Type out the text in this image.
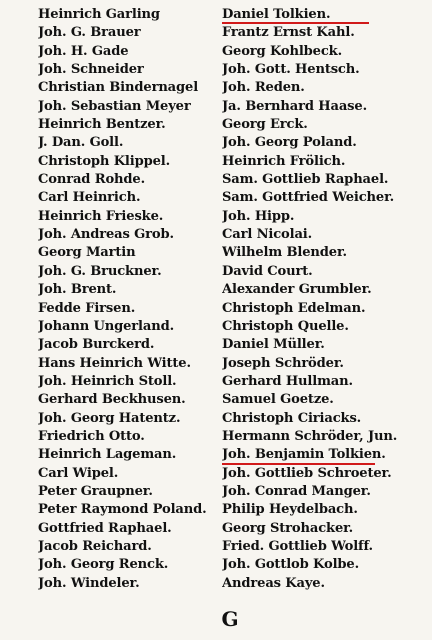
Heinrich Garling
Joh. G. Brauer
Joh. H. Gade
Joh. Schneider
Christian Bindernagel
Joh. Sebastian Meyer
Heinrich Bentzer.
J. Dan. Goll.
Christoph Klippel.
Conrad Rohde.
Carl Heinrich.
Heinrich Frieske.
Joh. Andreas Grob.
Georg Martin
Joh. G. Bruckner.
Joh. Brent.
Fedde Firsen.
Johann Ungerland.
Jacob Burckerd.
Hans Heinrich Witte.
Joh. Heinrich Stoll.
Gerhard Beckhusen.
Joh. Georg Hatentz.
Friedrich Otto.
Heinrich Lageman.
Carl Wipel.
Peter Graupner.
Peter Raymond Poland.
Gottfried Raphael.
Jacob Reichard.
Joh. Georg Renck.
Joh. Windeler.
Daniel Tolkien.
Frantz Ernst Kahl.
Georg Kohlbeck.
Joh. Gott. Hentsch.
Joh. Reden.
Ja. Bernhard Haase.
Georg Erck.
Joh. Georg Poland.
Heinrich Frölich.
Sam. Gottlieb Raphael.
Sam. Gottfried Weicher.
Joh. Hipp.
Carl Nicolai.
Wilhelm Blender.
David Court.
Alexander Grumbler.
Christoph Edelman.
Christoph Quelle.
Daniel Müller.
Joseph Schröder.
Gerhard Hullman.
Samuel Goetze.
Christoph Ciriacks.
Hermann Schröder, Jun.
Joh. Benjamin Tolkien.
Joh. Gottlieb Schroeter.
Joh. Conrad Manger.
Philip Heydelbach.
Georg Strohacker.
Fried. Gottlieb Wolff.
Joh. Gottlob Kolbe.
Andreas Kaye.
G
